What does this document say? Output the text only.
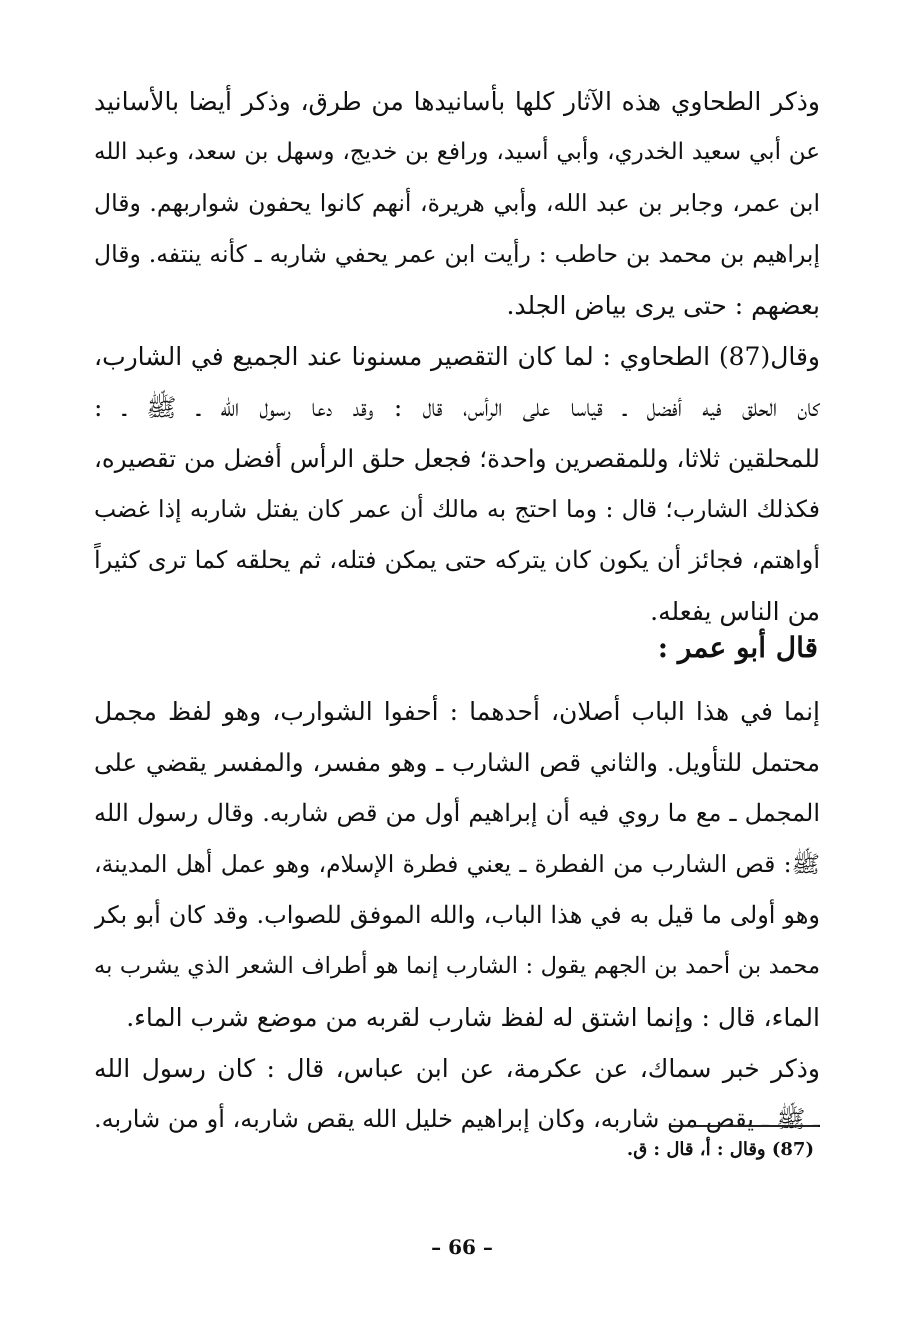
وذكر الطحاوي هذه الآثار كلها بأسانيدها من طرق، وذكر أيضا بالأسانيد
عن أبي سعيد الخدري، وأبي أسيد، ورافع بن خديج، وسهل بن سعد، وعبد الله
ابن عمر، وجابر بن عبد الله، وأبي هريرة، أنهم كانوا يحفون شواربهم. وقال
إبراهيم بن محمد بن حاطب : رأيت ابن عمر يحفي شاربه ـ كأنه ينتفه. وقال
بعضهم : حتى يرى بياض الجلد.
وقال(87) الطحاوي : لما كان التقصير مسنونا عند الجميع في الشارب،
كان الحلق فيه أفضل ـ قياسا على الرأس، قال : وقد دعا رسول الله ـ ﷺ ـ :
للمحلقين ثلاثا، وللمقصرين واحدة؛ فجعل حلق الرأس أفضل من تقصيره،
فكذلك الشارب؛ قال : وما احتج به مالك أن عمر كان يفتل شاربه إذا غضب
أواهتم، فجائز أن يكون كان يتركه حتى يمكن فتله، ثم يحلقه كما ترى كثيراً
من الناس يفعله.
قال أبو عمر :
إنما في هذا الباب أصلان، أحدهما : أحفوا الشوارب، وهو لفظ مجمل
محتمل للتأويل. والثاني قص الشارب ـ وهو مفسر، والمفسر يقضي على
المجمل ـ مع ما روي فيه أن إبراهيم أول من قص شاربه. وقال رسول الله
ﷺ: قص الشارب من الفطرة ـ يعني فطرة الإسلام، وهو عمل أهل المدينة،
وهو أولى ما قيل به في هذا الباب، والله الموفق للصواب. وقد كان أبو بكر
محمد بن أحمد بن الجهم يقول : الشارب إنما هو أطراف الشعر الذي يشرب به
الماء، قال : وإنما اشتق له لفظ شارب لقربه من موضع شرب الماء.
وذكر خبر سماك، عن عكرمة، عن ابن عباس، قال : كان رسول الله
ـ ﷺ ـ يقص من شاربه، وكان إبراهيم خليل الله يقص شاربه، أو من شاربه.
(87) وقال : أ، قال : ق.
– 66 –
